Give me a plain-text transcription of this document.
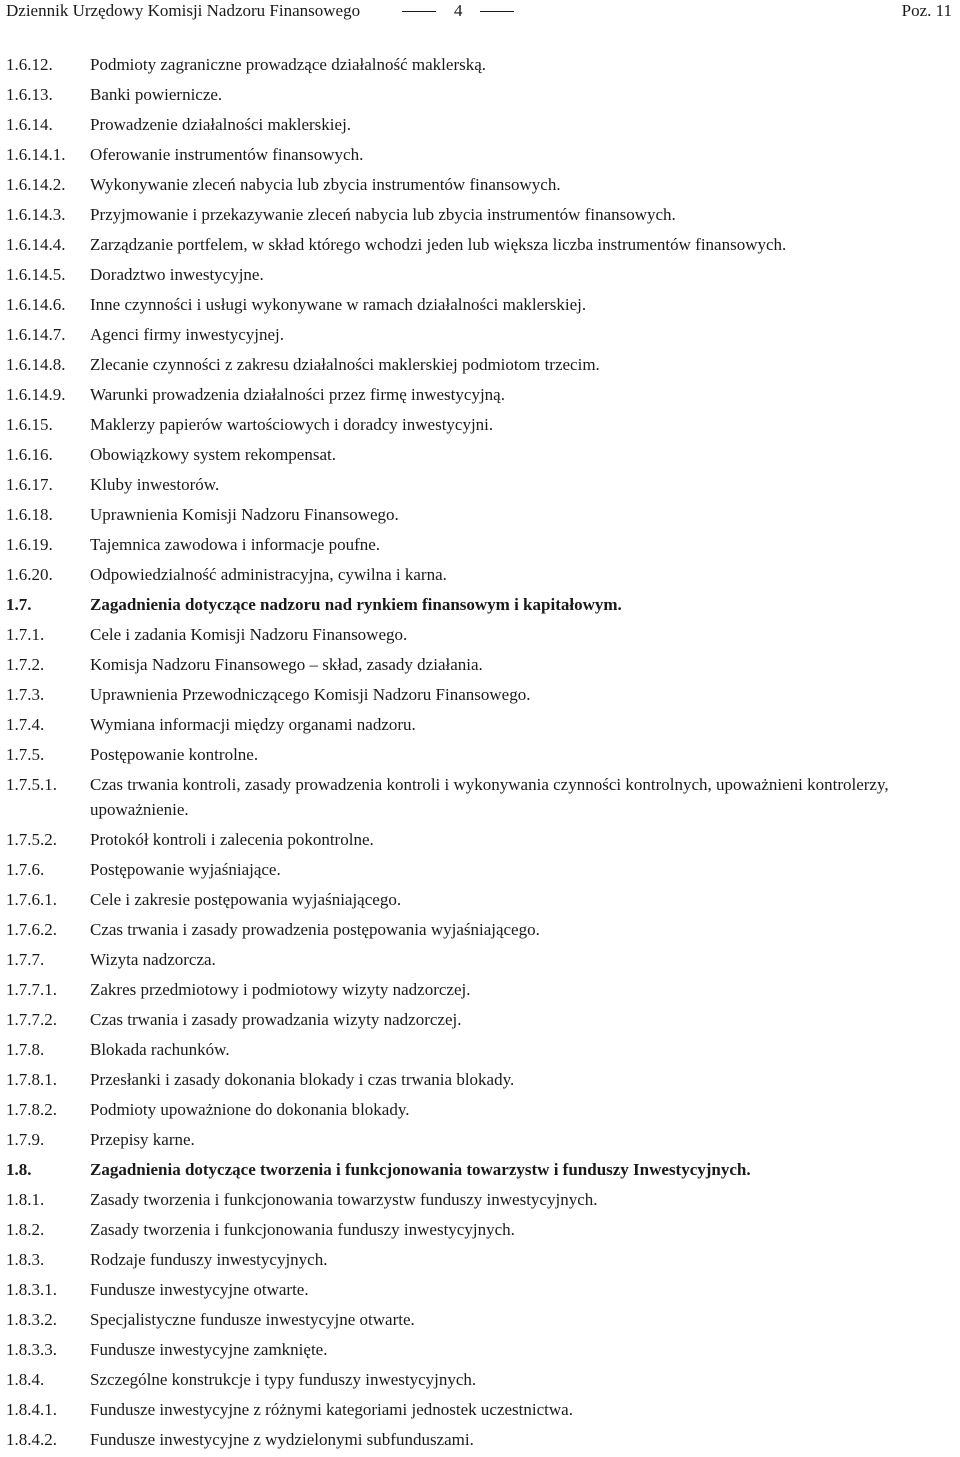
Dziennik Urzędowy Komisji Nadzoru Finansowego	4	Poz. 11
1.6.12.	Podmioty zagraniczne prowadzące działalność maklerską.
1.6.13.	Banki powiernicze.
1.6.14.	Prowadzenie działalności maklerskiej.
1.6.14.1.	Oferowanie instrumentów finansowych.
1.6.14.2.	Wykonywanie zleceń nabycia lub zbycia instrumentów finansowych.
1.6.14.3.	Przyjmowanie i przekazywanie zleceń nabycia lub zbycia instrumentów finansowych.
1.6.14.4.	Zarządzanie portfelem, w skład którego wchodzi jeden lub większa liczba instrumentów finansowych.
1.6.14.5.	Doradztwo inwestycyjne.
1.6.14.6.	Inne czynności i usługi wykonywane w ramach działalności maklerskiej.
1.6.14.7.	Agenci firmy inwestycyjnej.
1.6.14.8.	Zlecanie czynności z zakresu działalności maklerskiej podmiotom trzecim.
1.6.14.9.	Warunki prowadzenia działalności przez firmę inwestycyjną.
1.6.15.	Maklerzy papierów wartościowych i doradcy inwestycyjni.
1.6.16.	Obowiązkowy system rekompensat.
1.6.17.	Kluby inwestorów.
1.6.18.	Uprawnienia Komisji Nadzoru Finansowego.
1.6.19.	Tajemnica zawodowa i informacje poufne.
1.6.20.	Odpowiedzialność administracyjna, cywilna i karna.
1.7.	Zagadnienia dotyczące nadzoru nad rynkiem finansowym i kapitałowym.
1.7.1.	Cele i zadania Komisji Nadzoru Finansowego.
1.7.2.	Komisja Nadzoru Finansowego – skład, zasady działania.
1.7.3.	Uprawnienia Przewodniczącego Komisji Nadzoru Finansowego.
1.7.4.	Wymiana informacji między organami nadzoru.
1.7.5.	Postępowanie kontrolne.
1.7.5.1.	Czas trwania kontroli, zasady prowadzenia kontroli i wykonywania czynności kontrolnych, upoważnieni kontrolerzy, upoważnienie.
1.7.5.2.	Protokół kontroli i zalecenia pokontrolne.
1.7.6.	Postępowanie wyjaśniające.
1.7.6.1.	Cele i zakresie postępowania wyjaśniającego.
1.7.6.2.	Czas trwania i zasady prowadzenia postępowania wyjaśniającego.
1.7.7.	Wizyta nadzorcza.
1.7.7.1.	Zakres przedmiotowy i podmiotowy wizyty nadzorczej.
1.7.7.2.	Czas trwania i zasady prowadzania wizyty nadzorczej.
1.7.8.	Blokada rachunków.
1.7.8.1.	Przesłanki i zasady dokonania blokady i czas trwania blokady.
1.7.8.2.	Podmioty upoważnione do dokonania blokady.
1.7.9.	Przepisy karne.
1.8.	Zagadnienia dotyczące tworzenia i funkcjonowania towarzystw i funduszy Inwestycyjnych.
1.8.1.	Zasady tworzenia i funkcjonowania towarzystw funduszy inwestycyjnych.
1.8.2.	Zasady tworzenia i funkcjonowania funduszy inwestycyjnych.
1.8.3.	Rodzaje funduszy inwestycyjnych.
1.8.3.1.	Fundusze inwestycyjne otwarte.
1.8.3.2.	Specjalistyczne fundusze inwestycyjne otwarte.
1.8.3.3.	Fundusze inwestycyjne zamknięte.
1.8.4.	Szczególne konstrukcje i typy funduszy inwestycyjnych.
1.8.4.1.	Fundusze inwestycyjne z różnymi kategoriami jednostek uczestnictwa.
1.8.4.2.	Fundusze inwestycyjne z wydzielonymi subfunduszami.
